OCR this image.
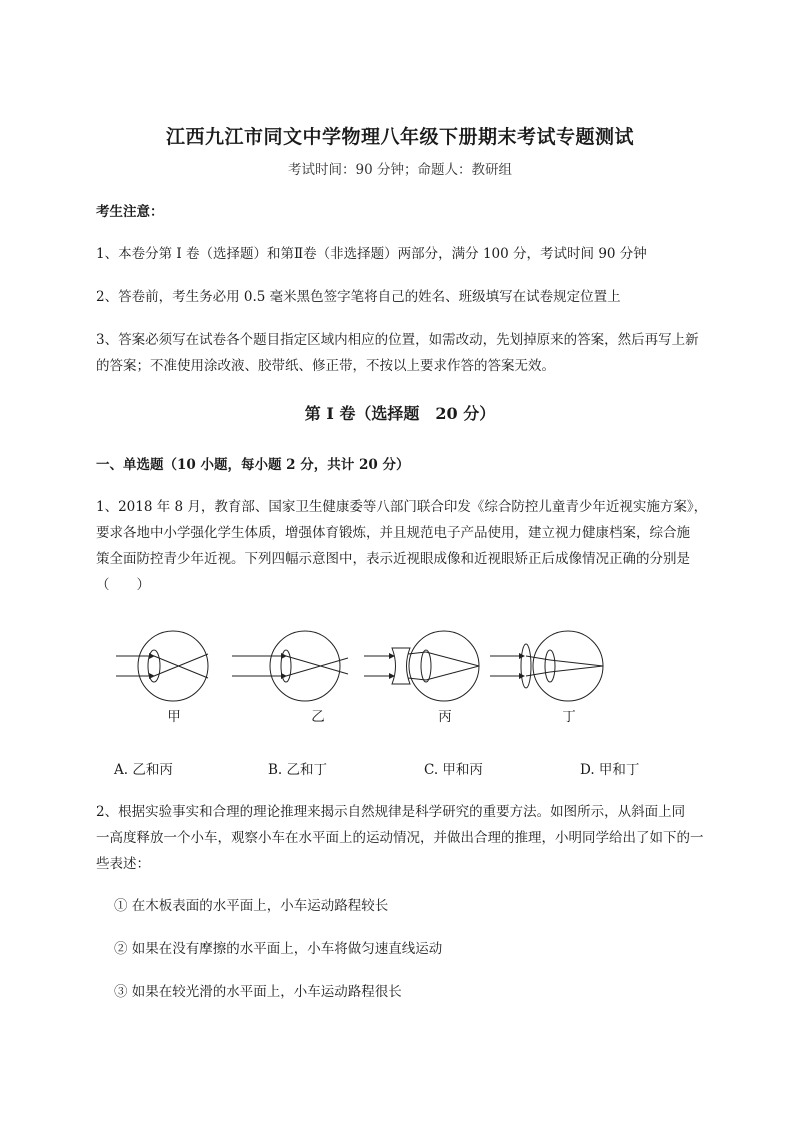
江西九江市同文中学物理八年级下册期末考试专题测试
考试时间：90 分钟；命题人：教研组
考生注意：
1、本卷分第 I 卷（选择题）和第Ⅱ卷（非选择题）两部分，满分 100 分，考试时间 90 分钟
2、答卷前，考生务必用 0.5 毫米黑色签字笔将自己的姓名、班级填写在试卷规定位置上
3、答案必须写在试卷各个题目指定区域内相应的位置，如需改动，先划掉原来的答案，然后再写上新
的答案；不准使用涂改液、胶带纸、修正带，不按以上要求作答的答案无效。
第 I 卷（选择题　20 分）
一、单选题（10 小题，每小题 2 分，共计 20 分）
1、2018 年 8 月，教育部、国家卫生健康委等八部门联合印发《综合防控儿童青少年近视实施方案》，
要求各地中小学强化学生体质，增强体育锻炼，并且规范电子产品使用，建立视力健康档案，综合施
策全面防控青少年近视。下列四幅示意图中，表示近视眼成像和近视眼矫正后成像情况正确的分别是
（　　）
甲	乙	丙	丁
A. 乙和丙	B. 乙和丁	C. 甲和丙	D. 甲和丁
2、根据实验事实和合理的理论推理来揭示自然规律是科学研究的重要方法。如图所示，从斜面上同
一高度释放一个小车，观察小车在水平面上的运动情况，并做出合理的推理，小明同学给出了如下的一
些表述：
① 在木板表面的水平面上，小车运动路程较长
② 如果在没有摩擦的水平面上，小车将做匀速直线运动
③ 如果在较光滑的水平面上，小车运动路程很长
